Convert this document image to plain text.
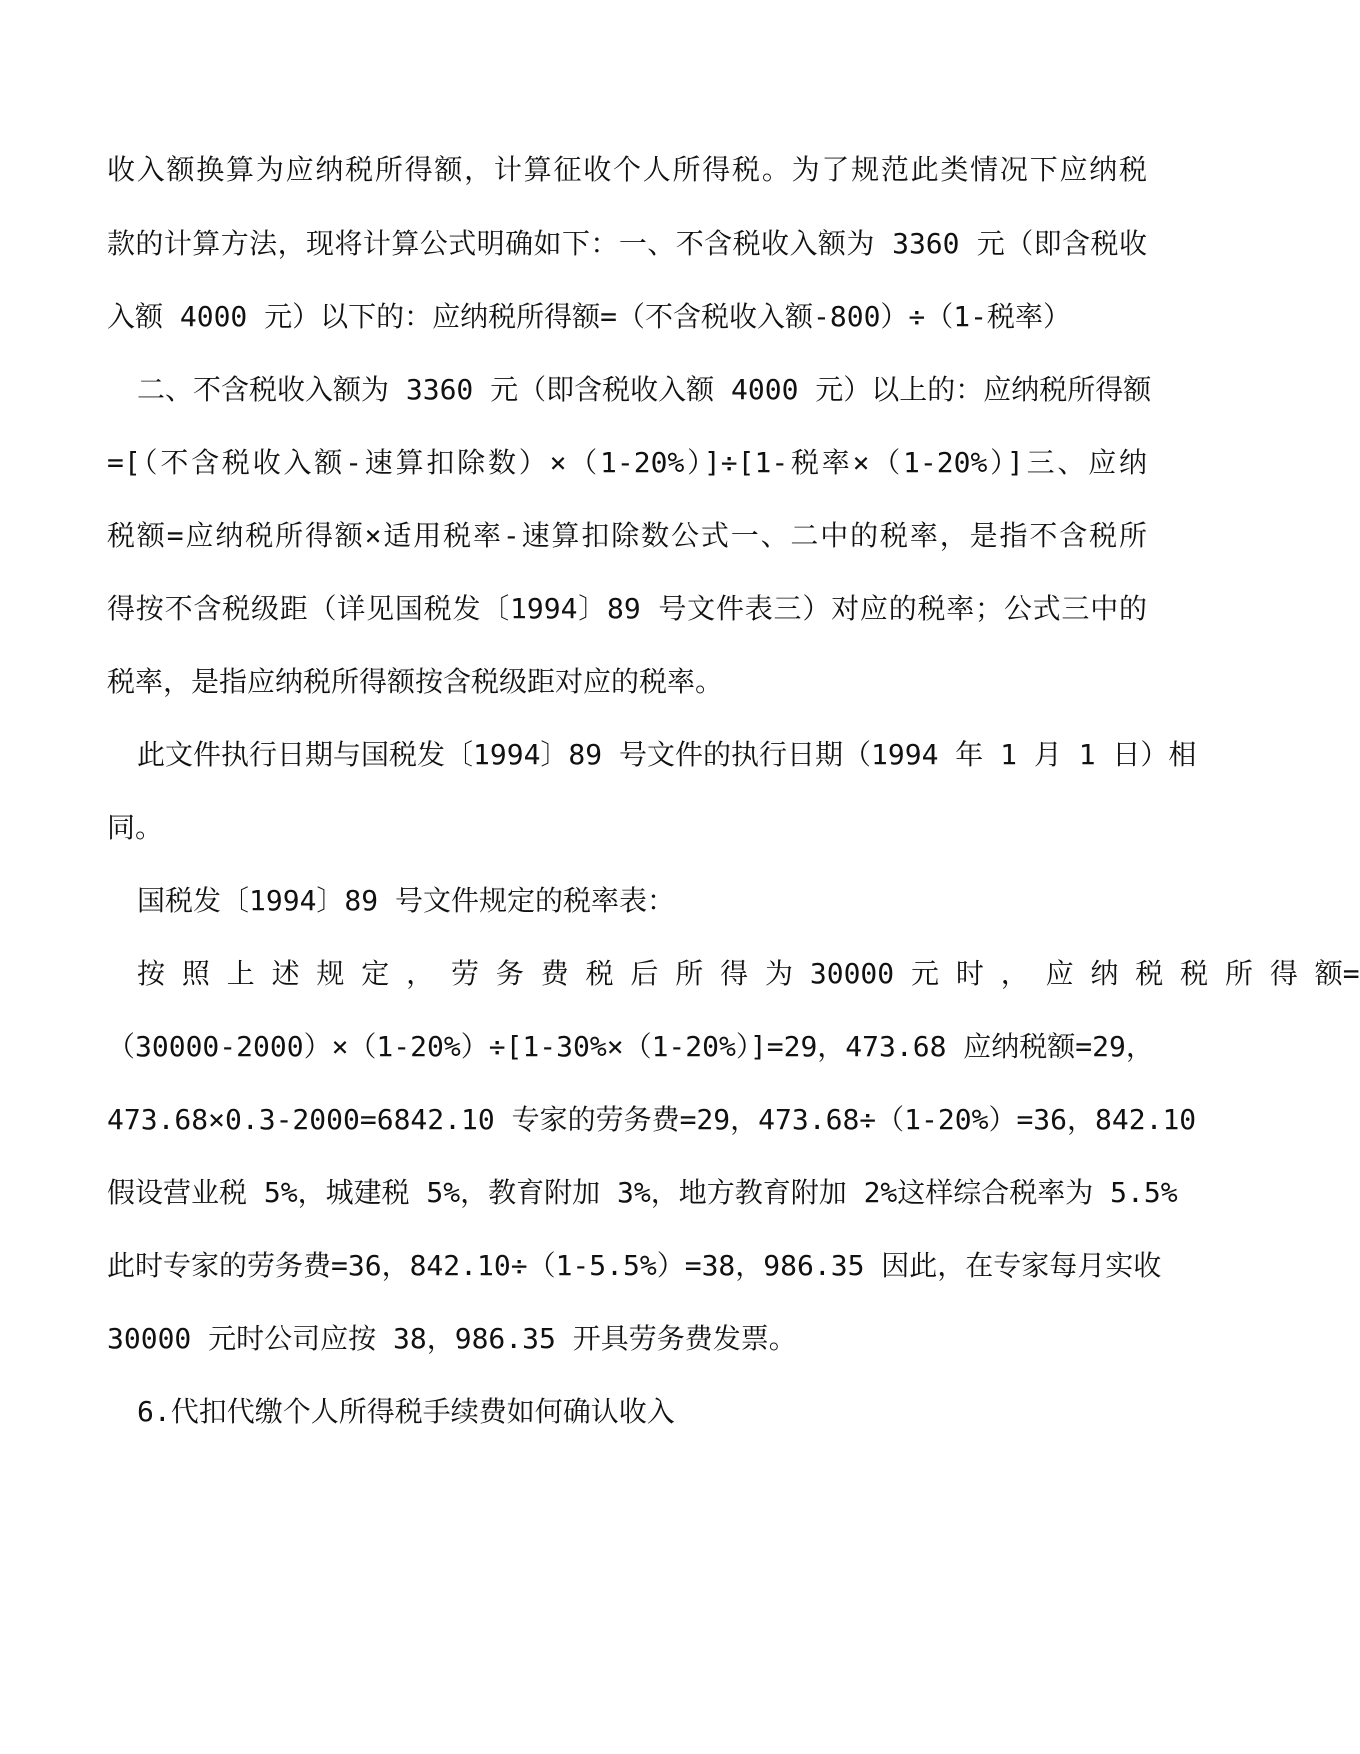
收入额换算为应纳税所得额，计算征收个人所得税。为了规范此类情况下应纳税
款的计算方法，现将计算公式明确如下：一、不含税收入额为 3360 元（即含税收
入额 4000 元）以下的：应纳税所得额=（不含税收入额-800）÷（1-税率）
二、不含税收入额为 3360 元（即含税收入额 4000 元）以上的：应纳税所得额
=[（不含税收入额-速算扣除数）×（1-20%）]÷[1-税率×（1-20%）]三、应纳
税额=应纳税所得额×适用税率-速算扣除数公式一、二中的税率，是指不含税所
得按不含税级距（详见国税发〔1994〕89 号文件表三）对应的税率；公式三中的
税率，是指应纳税所得额按含税级距对应的税率。
此文件执行日期与国税发〔1994〕89 号文件的执行日期（1994 年 1 月 1 日）相
同。
国税发〔1994〕89 号文件规定的税率表：
按 照 上 述 规 定 ， 劳 务 费 税 后 所 得 为 30000 元 时 ， 应 纳 税 税 所 得 额=
（30000-2000）×（1-20%）÷[1-30%×（1-20%）]=29，473.68 应纳税额=29，
473.68×0.3-2000=6842.10 专家的劳务费=29，473.68÷（1-20%）=36，842.10
假设营业税 5%，城建税 5%，教育附加 3%，地方教育附加 2%这样综合税率为 5.5%
此时专家的劳务费=36，842.10÷（1-5.5%）=38，986.35 因此，在专家每月实收
30000 元时公司应按 38，986.35 开具劳务费发票。
6.代扣代缴个人所得税手续费如何确认收入
